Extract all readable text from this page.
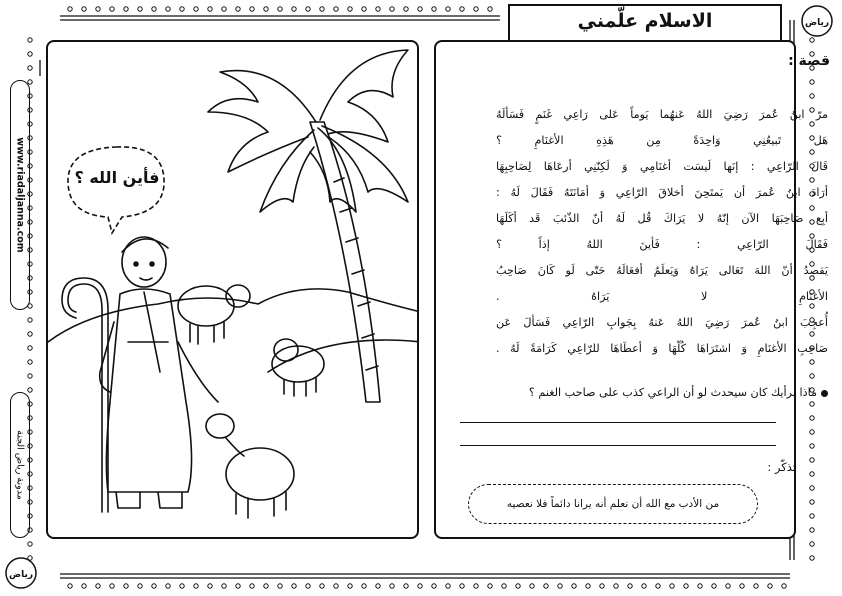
الاسلام علّمني
فأين الله ؟
قصة :
مرّ ابنُ عُمرَ رَضِيَ اللهُ عَنهُما يَوماً عَلى رَاعِي غَنَمٍ فَسَألَهُ
هَل تَبيعُنِي وَاحِدَةً مِن هَذِهِ الأغنَامِ ؟
قَالَ الرّاعِي : إنَها لَيسَت أغنَامِي وَ لَكِنّنِي أرعَاهَا لِصَاحِبِهَا
أرَادَ ابنُ عُمرَ أن يَمتَحِنَ أخلاقَ الرّاعِي وَ أمَانَتَهُ فَقَالَ لَهُ :
أبِع صَاحِبَهَا الآن إنّهُ لا يَرَاكَ قُل لَهُ أنّ الذّئبَ قَد أكَلَهَا
فَقَالَ الرّاعِي : فَأينَ اللهُ إذاً ؟
يَقصِدُ أنّ اللهَ تَعَالى يَرَاهُ وَيَعلَمُ أفعَالَهُ حَتّى لَو كَانَ صَاحِبُ
الأغنَامِ لا يَرَاهُ .
أُعجِبَ ابنُ عُمرَ رَضِيَ اللهُ عَنهُ بِجَوابِ الرّاعِي فَسَألَ عَن
صَاحِبِ الأغنَامِ وَ اشتَرَاهَا كُلّهَا وَ أعطَاهَا للرّاعِي كَرَامَةً لَهُ .
ماذا برأيك كان سيحدث لو أن الراعي كذب على صاحب الغنم ؟
تذكّر :
من الأدب مع الله أن نعلم أنه يرانا دائماً فلا نعصيه
www.riadaljanna.com
مدونة رياض الجنة
رياض
رياض
